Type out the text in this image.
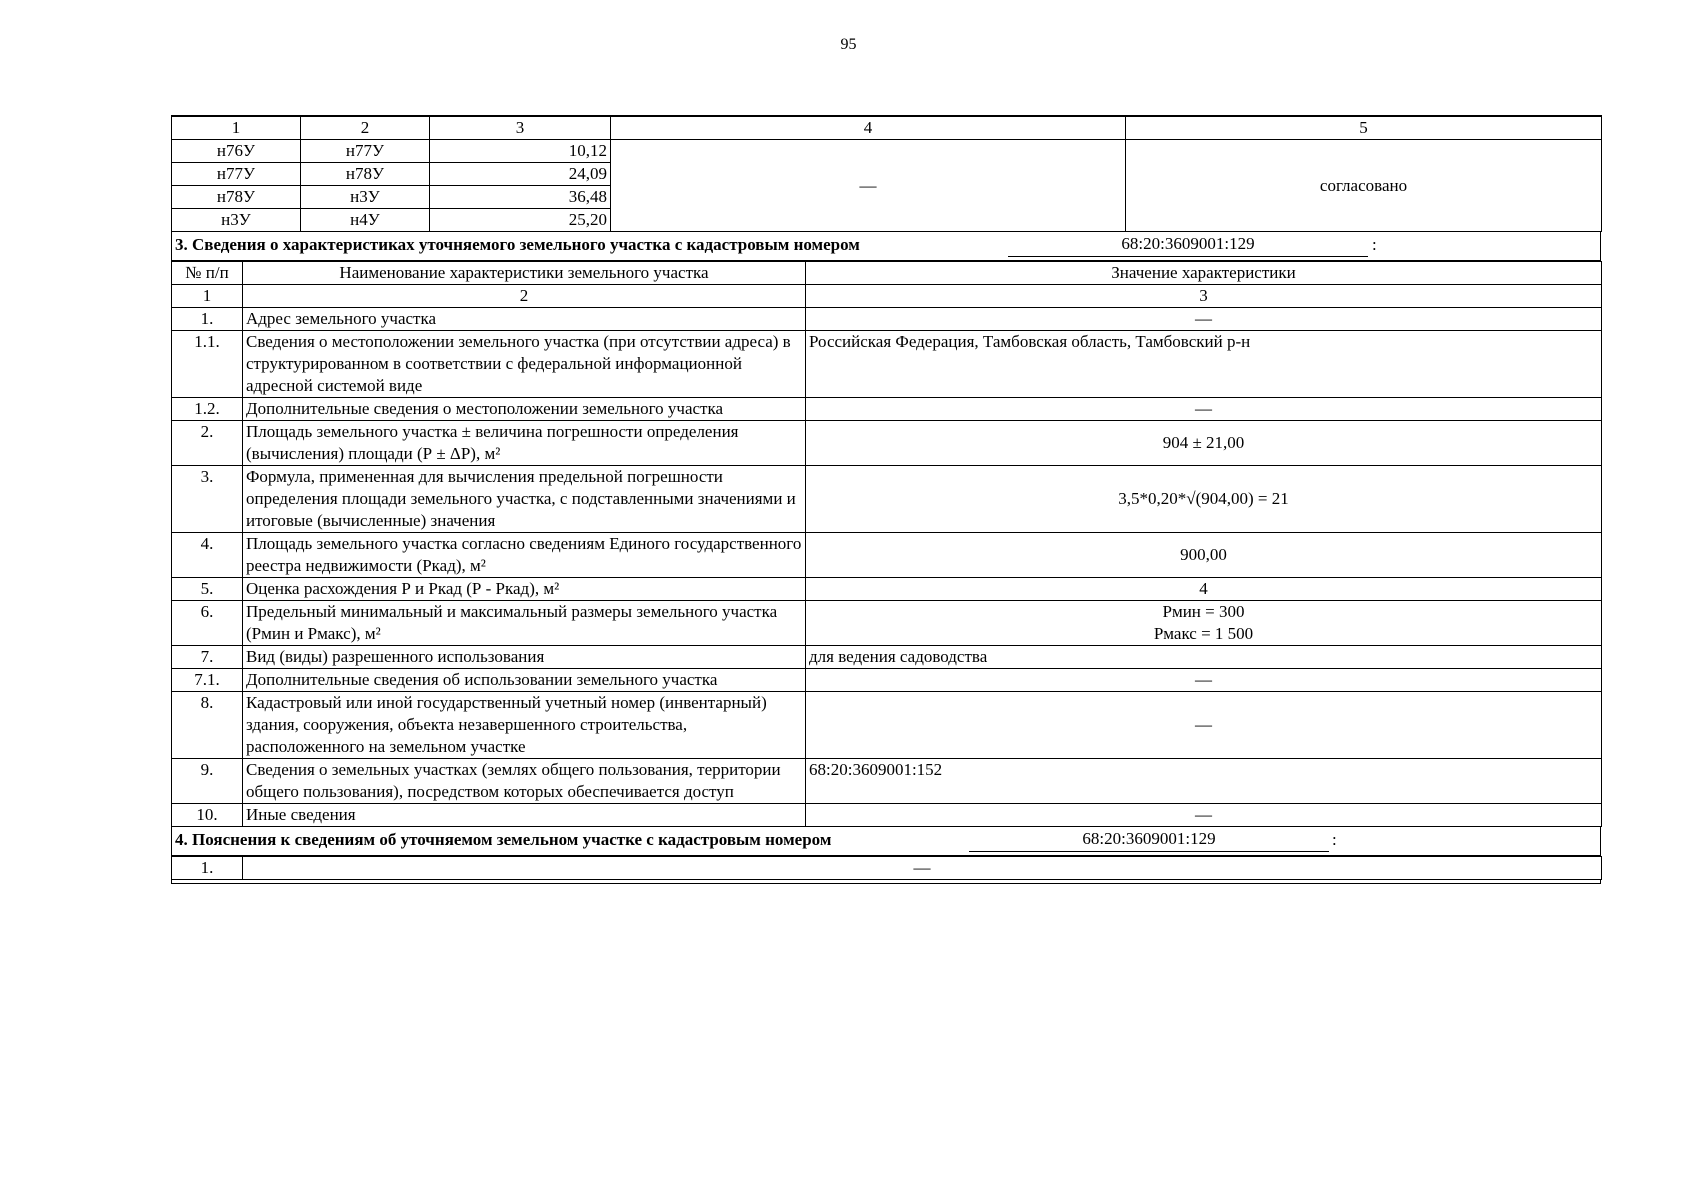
95
1	2	3	4	5
н76У	н77У	10,12	—	согласовано
н77У	н78У	24,09		
н78У	н3У	36,48		
н3У	н4У	25,20		
3. Сведения о характеристиках уточняемого земельного участка с кадастровым номером	68:20:3609001:129	:
№ п/п	Наименование характеристики земельного участка	Значение характеристики
1	2	3
1.	Адрес земельного участка	—
1.1.	Сведения о местоположении земельного участка (при отсутствии адреса) в структурированном в соответствии с федеральной информационной адресной системой виде	Российская Федерация, Тамбовская область, Тамбовский р-н
1.2.	Дополнительные сведения о местоположении земельного участка	—
2.	Площадь земельного участка ± величина погрешности определения (вычисления) площади (Р ± ΔР), м²	904 ± 21,00
3.	Формула, примененная для вычисления предельной погрешности определения площади земельного участка, с подставленными значениями и итоговые (вычисленные) значения	3,5*0,20*√(904,00) = 21
4.	Площадь земельного участка согласно сведениям Единого государственного реестра недвижимости (Ркад), м²	900,00
5.	Оценка расхождения Р и Ркад (Р - Ркад), м²	4
6.	Предельный минимальный и максимальный размеры земельного участка (Рмин и Рмакс), м²	Рмин = 300
Рмакс = 1 500

7.	Вид (виды) разрешенного использования	для ведения садоводства
7.1.	Дополнительные сведения об использовании земельного участка	—
8.	Кадастровый или иной государственный учетный номер (инвентарный) здания, сооружения, объекта незавершенного строительства, расположенного на земельном участке	—
9.	Сведения о земельных участках (землях общего пользования, территории общего пользования), посредством которых обеспечивается доступ	68:20:3609001:152
10.	Иные сведения	—
4. Пояснения к сведениям об уточняемом земельном участке с кадастровым номером	68:20:3609001:129	:
1.	—
